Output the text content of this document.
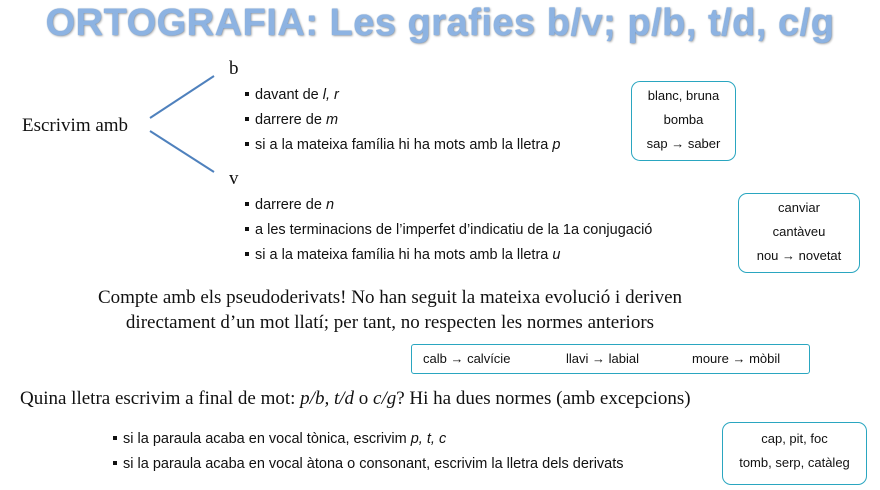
ORTOGRAFIA: Les grafies b/v; p/b, t/d, c/g
Escrivim amb
b
davant de l, r
darrere de m
si a la mateixa família hi ha mots amb la lletra p
blanc, bruna
bomba
sap → saber
v
darrere de n
a les terminacions de l’imperfet d’indicatiu de la 1a conjugació
si a la mateixa família hi ha mots amb la lletra u
canviar
cantàveu
nou → novetat
Compte amb els pseudoderivats! No han seguit la mateixa evolució i deriven
directament d’un mot llatí; per tant, no respecten les normes anteriors
calb → calvície	llavi → labial	moure → mòbil
Quina lletra escrivim a final de mot: p/b, t/d o c/g? Hi ha dues normes (amb excepcions)
si la paraula acaba en vocal tònica, escrivim p, t, c
si la paraula acaba en vocal àtona o consonant, escrivim la lletra dels derivats
cap, pit, foc
tomb, serp, catàleg
